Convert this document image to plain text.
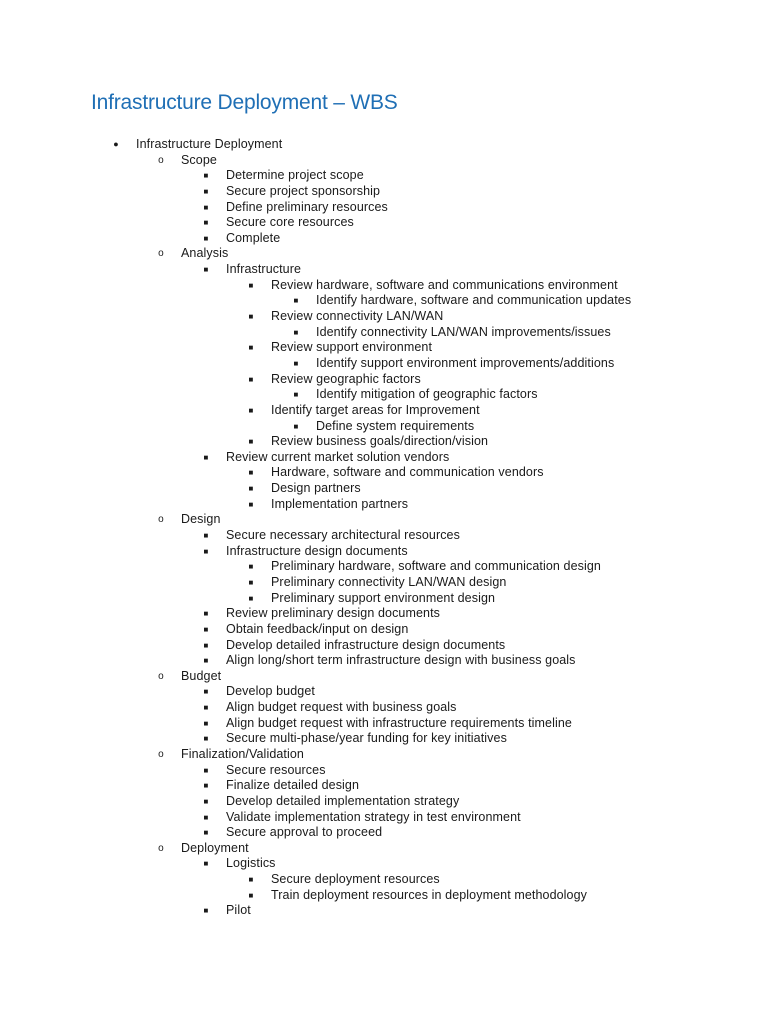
Infrastructure Deployment – WBS
● Infrastructure Deployment
o Scope
■ Determine project scope
■ Secure project sponsorship
■ Define preliminary resources
■ Secure core resources
■ Complete
o Analysis
■ Infrastructure
■ Review hardware, software and communications environment
■ Identify hardware, software and communication updates
■ Review connectivity LAN/WAN
■ Identify connectivity LAN/WAN improvements/issues
■ Review support environment
■ Identify support environment improvements/additions
■ Review geographic factors
■ Identify mitigation of geographic factors
■ Identify target areas for Improvement
■ Define system requirements
■ Review business goals/direction/vision
■ Review current market solution vendors
■ Hardware, software and communication vendors
■ Design partners
■ Implementation partners
o Design
■ Secure necessary architectural resources
■ Infrastructure design documents
■ Preliminary hardware, software and communication design
■ Preliminary connectivity LAN/WAN design
■ Preliminary support environment design
■ Review preliminary design documents
■ Obtain feedback/input on design
■ Develop detailed infrastructure design documents
■ Align long/short term infrastructure design with business goals
o Budget
■ Develop budget
■ Align budget request with business goals
■ Align budget request with infrastructure requirements timeline
■ Secure multi-phase/year funding for key initiatives
o Finalization/Validation
■ Secure resources
■ Finalize detailed design
■ Develop detailed implementation strategy
■ Validate implementation strategy in test environment
■ Secure approval to proceed
o Deployment
■ Logistics
■ Secure deployment resources
■ Train deployment resources in deployment methodology
■ Pilot
